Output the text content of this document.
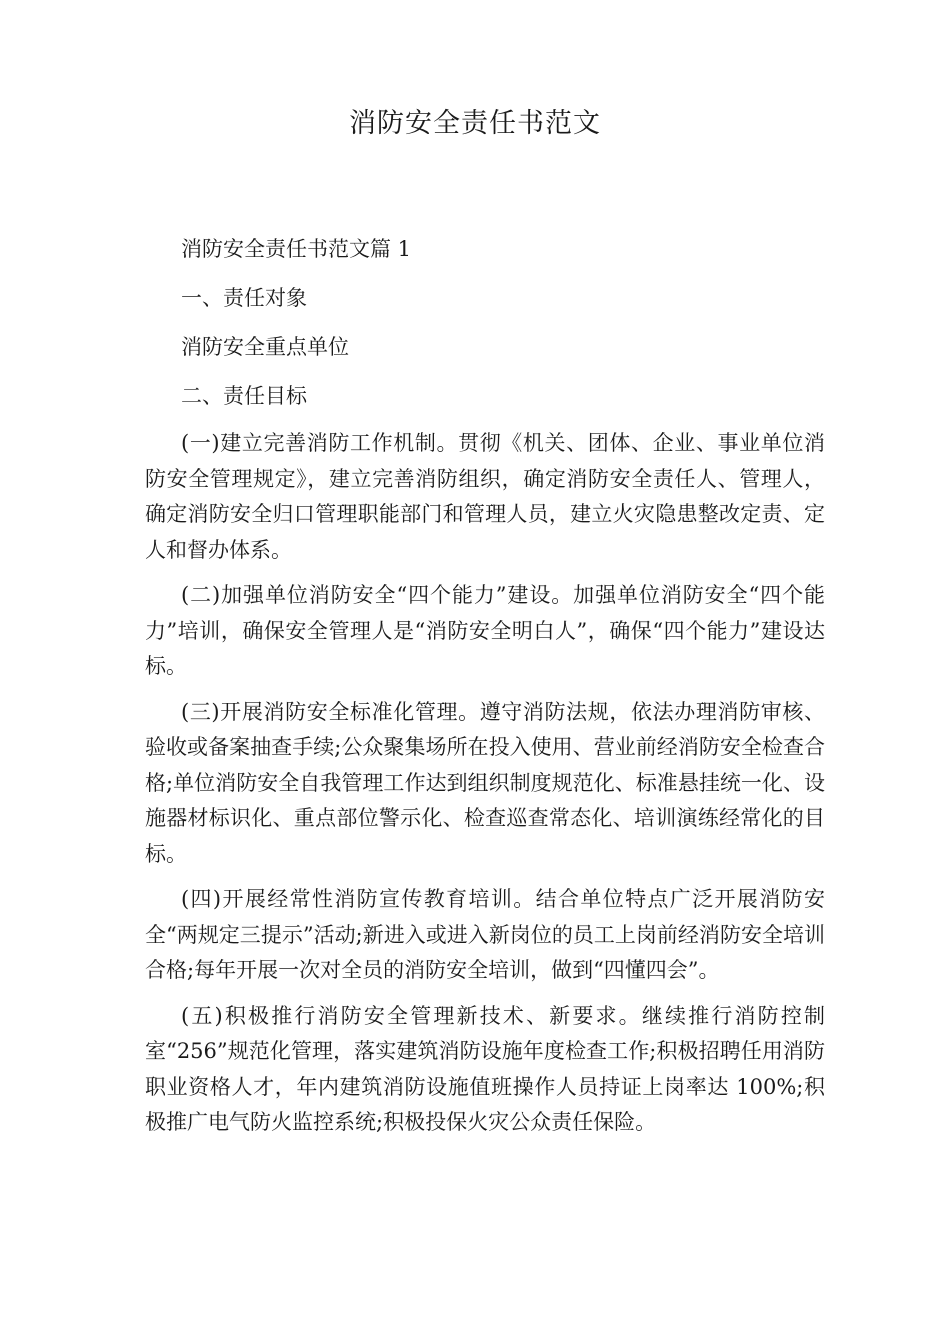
消防安全责任书范文

消防安全责任书范文篇 1

一、责任对象

消防安全重点单位

二、责任目标

(一)建立完善消防工作机制。贯彻《机关、团体、企业、事业单位消防安全管理规定》，建立完善消防组织，确定消防安全责任人、管理人，确定消防安全归口管理职能部门和管理人员，建立火灾隐患整改定责、定人和督办体系。

(二)加强单位消防安全“四个能力”建设。加强单位消防安全“四个能力”培训，确保安全管理人是“消防安全明白人”，确保“四个能力”建设达标。

(三)开展消防安全标准化管理。遵守消防法规，依法办理消防审核、验收或备案抽查手续;公众聚集场所在投入使用、营业前经消防安全检查合格;单位消防安全自我管理工作达到组织制度规范化、标准悬挂统一化、设施器材标识化、重点部位警示化、检查巡查常态化、培训演练经常化的目标。

(四)开展经常性消防宣传教育培训。结合单位特点广泛开展消防安全“两规定三提示”活动;新进入或进入新岗位的员工上岗前经消防安全培训合格;每年开展一次对全员的消防安全培训，做到“四懂四会”。

(五)积极推行消防安全管理新技术、新要求。继续推行消防控制室“256”规范化管理，落实建筑消防设施年度检查工作;积极招聘任用消防职业资格人才，年内建筑消防设施值班操作人员持证上岗率达 100%;积极推广电气防火监控系统;积极投保火灾公众责任保险。
